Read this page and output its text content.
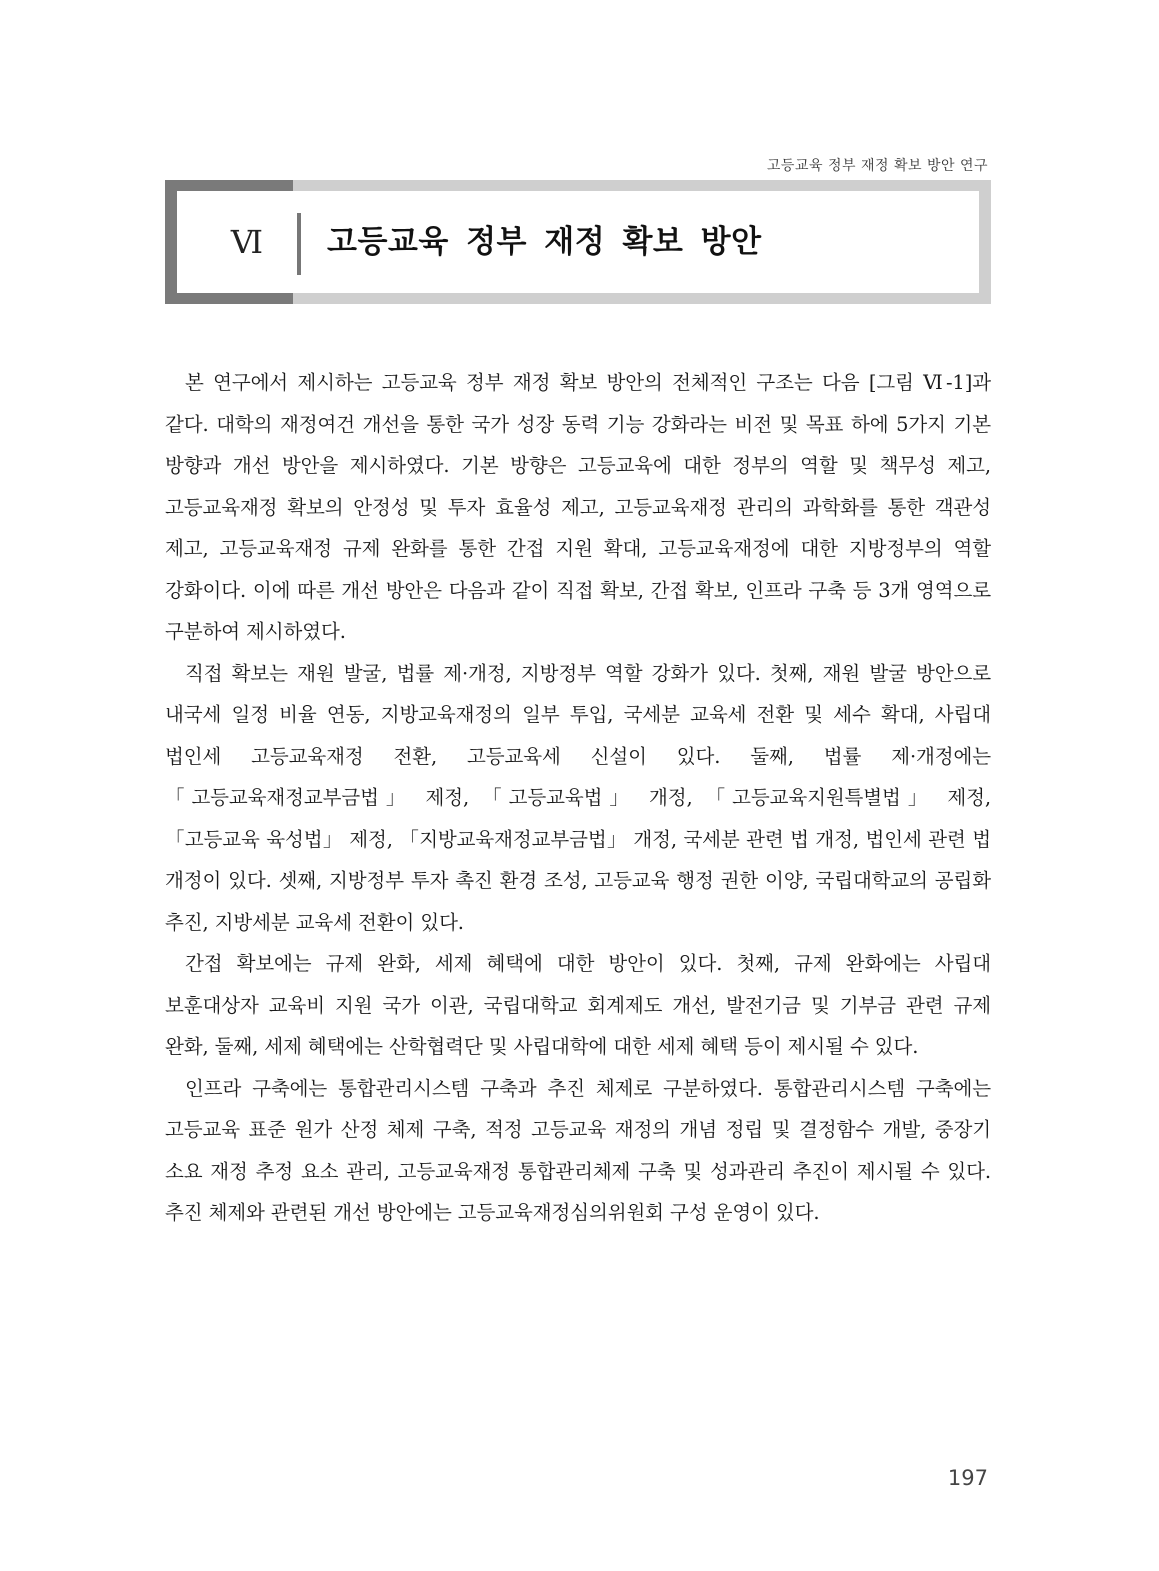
고등교육 정부 재정 확보 방안 연구
Ⅵ	고등교육 정부 재정 확보 방안

본 연구에서 제시하는 고등교육 정부 재정 확보 방안의 전체적인 구조는 다음 [그림 Ⅵ-1]과 같다. 대학의 재정여건 개선을 통한 국가 성장 동력 기능 강화라는 비전 및 목표 하에 5가지 기본 방향과 개선 방안을 제시하였다. 기본 방향은 고등교육에 대한 정부의 역할 및 책무성 제고, 고등교육재정 확보의 안정성 및 투자 효율성 제고, 고등교육재정 관리의 과학화를 통한 객관성 제고, 고등교육재정 규제 완화를 통한 간접 지원 확대, 고등교육재정에 대한 지방정부의 역할 강화이다. 이에 따른 개선 방안은 다음과 같이 직접 확보, 간접 확보, 인프라 구축 등 3개 영역으로 구분하여 제시하였다.

직접 확보는 재원 발굴, 법률 제·개정, 지방정부 역할 강화가 있다. 첫째, 재원 발굴 방안으로 내국세 일정 비율 연동, 지방교육재정의 일부 투입, 국세분 교육세 전환 및 세수 확대, 사립대 법인세 고등교육재정 전환, 고등교육세 신설이 있다. 둘째, 법률 제·개정에는 「고등교육재정교부금법」 제정, 「고등교육법」 개정, 「고등교육지원특별법」 제정, 「고등교육 육성법」 제정, 「지방교육재정교부금법」 개정, 국세분 관련 법 개정, 법인세 관련 법 개정이 있다. 셋째, 지방정부 투자 촉진 환경 조성, 고등교육 행정 권한 이양, 국립대학교의 공립화 추진, 지방세분 교육세 전환이 있다.

간접 확보에는 규제 완화, 세제 혜택에 대한 방안이 있다. 첫째, 규제 완화에는 사립대 보훈대상자 교육비 지원 국가 이관, 국립대학교 회계제도 개선, 발전기금 및 기부금 관련 규제 완화, 둘째, 세제 혜택에는 산학협력단 및 사립대학에 대한 세제 혜택 등이 제시될 수 있다.

인프라 구축에는 통합관리시스템 구축과 추진 체제로 구분하였다. 통합관리시스템 구축에는 고등교육 표준 원가 산정 체제 구축, 적정 고등교육 재정의 개념 정립 및 결정함수 개발, 중장기 소요 재정 추정 요소 관리, 고등교육재정 통합관리체제 구축 및 성과관리 추진이 제시될 수 있다. 추진 체제와 관련된 개선 방안에는 고등교육재정심의위원회 구성 운영이 있다.

197
